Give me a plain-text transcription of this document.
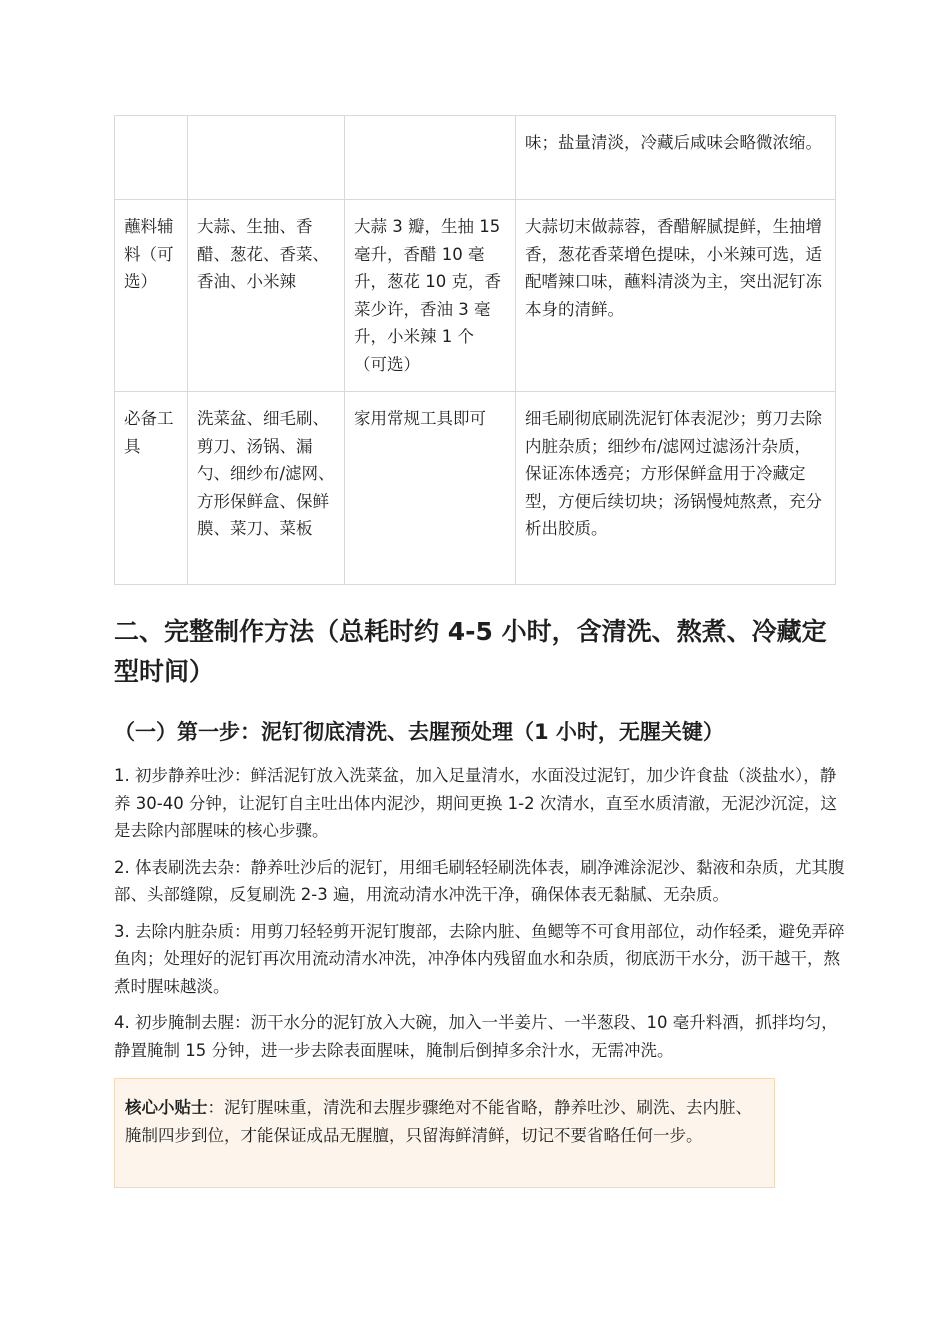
			味；盐量清淡，冷藏后咸味会略微浓缩。
蘸料辅料（可选）	大蒜、生抽、香醋、葱花、香菜、香油、小米辣	大蒜 3 瓣，生抽 15 毫升，香醋 10 毫升，葱花 10 克，香菜少许，香油 3 毫升，小米辣 1 个（可选）	大蒜切末做蒜蓉，香醋解腻提鲜，生抽增香，葱花香菜增色提味，小米辣可选，适配嗜辣口味，蘸料清淡为主，突出泥钉冻本身的清鲜。
必备工具	洗菜盆、细毛刷、剪刀、汤锅、漏勺、细纱布/滤网、方形保鲜盒、保鲜膜、菜刀、菜板	家用常规工具即可	细毛刷彻底刷洗泥钉体表泥沙；剪刀去除内脏杂质；细纱布/滤网过滤汤汁杂质，保证冻体透亮；方形保鲜盒用于冷藏定型，方便后续切块；汤锅慢炖熬煮，充分析出胶质。
二、完整制作方法（总耗时约 4-5 小时，含清洗、熬煮、冷藏定型时间）
（一）第一步：泥钉彻底清洗、去腥预处理（1 小时，无腥关键）

1. 初步静养吐沙：鲜活泥钉放入洗菜盆，加入足量清水，水面没过泥钉，加少许食盐（淡盐水），静养 30-40 分钟，让泥钉自主吐出体内泥沙，期间更换 1-2 次清水，直至水质清澈，无泥沙沉淀，这是去除内部腥味的核心步骤。

2. 体表刷洗去杂：静养吐沙后的泥钉，用细毛刷轻轻刷洗体表，刷净滩涂泥沙、黏液和杂质，尤其腹部、头部缝隙，反复刷洗 2-3 遍，用流动清水冲洗干净，确保体表无黏腻、无杂质。

3. 去除内脏杂质：用剪刀轻轻剪开泥钉腹部，去除内脏、鱼鳃等不可食用部位，动作轻柔，避免弄碎鱼肉；处理好的泥钉再次用流动清水冲洗，冲净体内残留血水和杂质，彻底沥干水分，沥干越干，熬煮时腥味越淡。

4. 初步腌制去腥：沥干水分的泥钉放入大碗，加入一半姜片、一半葱段、10 毫升料酒，抓拌均匀，静置腌制 15 分钟，进一步去除表面腥味，腌制后倒掉多余汁水，无需冲洗。

核心小贴士：泥钉腥味重，清洗和去腥步骤绝对不能省略，静养吐沙、刷洗、去内脏、腌制四步到位，才能保证成品无腥膻，只留海鲜清鲜，切记不要省略任何一步。
